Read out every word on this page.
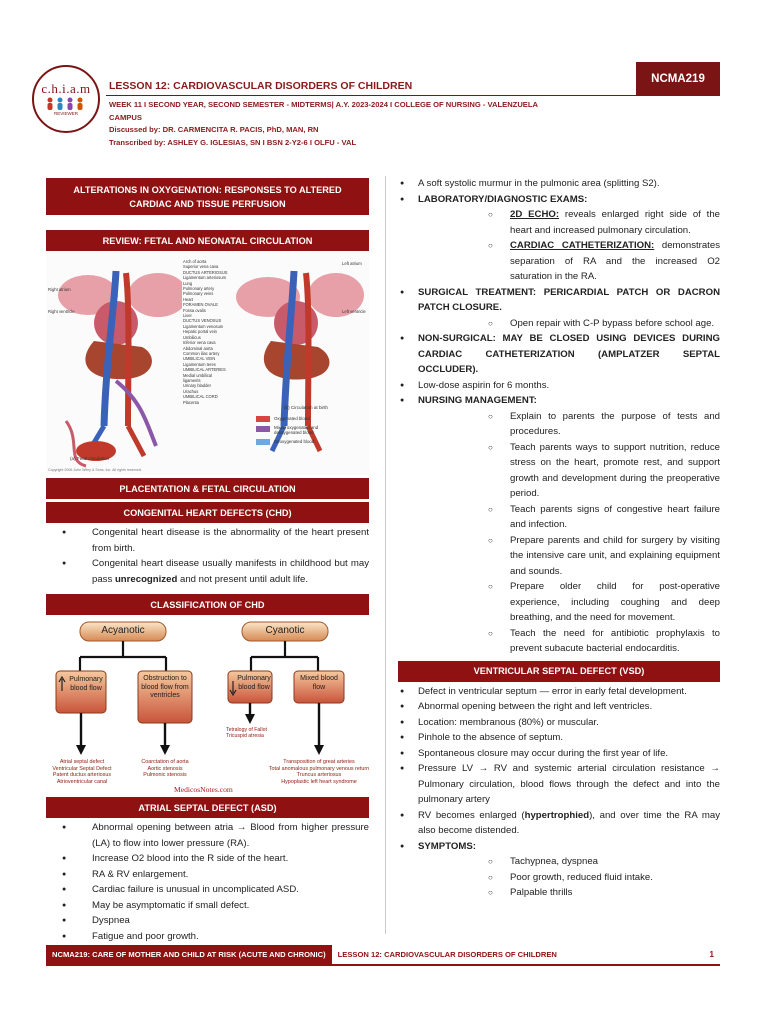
c.h.i.a.m
REVIEWER
NCMA219
LESSON 12: CARDIOVASCULAR DISORDERS OF CHILDREN
WEEK 11 I SECOND YEAR, SECOND SEMESTER - MIDTERMS| A.Y. 2023-2024 I COLLEGE OF NURSING - VALENZUELA
CAMPUS
Discussed by: DR. CARMENCITA R. PACIS, PhD, MAN, RN
Transcribed by: ASHLEY G. IGLESIAS, SN I BSN 2-Y2-6 I OLFU - VAL
ALTERATIONS IN OXYGENATION: RESPONSES TO ALTERED
CARDIAC AND TISSUE PERFUSION
REVIEW: FETAL AND NEONATAL CIRCULATION
Arch of aorta
Superior vena cava
DUCTUS ARTERIOSUS
Ligamentum arteriosum
Lung
Pulmonary artery
Pulmonary veins
Heart
FORAMEN OVALE
Fossa ovalis
Liver
DUCTUS VENOSUS
Ligamentum venosum
Hepatic portal vein
Umbilicus
Inferior vena cava
Abdominal aorta
Common iliac artery
UMBILICAL VEIN
Ligamentum teres
UMBILICAL ARTERIES
Medial umbilical ligaments
Urinary bladder
Urachus
UMBILICAL CORD
Placenta
Right atrium
Right ventricle
Left atrium
Left ventricle
(a) Fetal circulation
(b) Circulation at birth
Oxygenated blood
Mixed oxygenated and deoxygenated blood
Deoxygenated blood
Copyright 2006 John Wiley & Sons, Inc. All rights reserved.
PLACENTATION & FETAL CIRCULATION
CONGENITAL HEART DEFECTS (CHD)
● Congenital heart disease is the abnormality of the heart present from birth.
● Congenital heart disease usually manifests in childhood but may pass unrecognized and not present until adult life.
CLASSIFICATION OF CHD
Acyanotic	Cyanotic
Pulmonary blood flow
Obstruction to blood flow from ventricles
Pulmonary blood flow
Mixed blood flow
Tetralogy of Fallot
Tricuspid atresia
Atrial septal defect
Ventricular Septal Defect
Patent ductus arteriosus
Atrioventricular canal
Coarctation of aorta
Aortic stenosis
Pulmonic stenosis
Transposition of great arteries
Total anomalous pulmonary venous return
Truncus arteriosus
Hypoplastic left heart syndrome
MedicosNotes.com
ATRIAL SEPTAL DEFECT (ASD)
● Abnormal opening between atria → Blood from higher pressure (LA) to flow into lower pressure (RA).
● Increase O2 blood into the R side of the heart.
● RA & RV enlargement.
● Cardiac failure is unusual in uncomplicated ASD.
● May be asymptomatic if small defect.
● Dyspnea
● Fatigue and poor growth.
● A soft systolic murmur in the pulmonic area (splitting S2).
● LABORATORY/DIAGNOSTIC EXAMS:
○ 2D ECHO: reveals enlarged right side of the heart and increased pulmonary circulation.
○ CARDIAC CATHETERIZATION: demonstrates separation of RA and the increased O2 saturation in the RA.
● SURGICAL TREATMENT: PERICARDIAL PATCH OR DACRON PATCH CLOSURE.
○ Open repair with C-P bypass before school age.
● NON-SURGICAL: MAY BE CLOSED USING DEVICES DURING CARDIAC CATHETERIZATION (AMPLATZER SEPTAL OCCLUDER).
● Low-dose aspirin for 6 months.
● NURSING MANAGEMENT:
○ Explain to parents the purpose of tests and procedures.
○ Teach parents ways to support nutrition, reduce stress on the heart, promote rest, and support growth and development during the preoperative period.
○ Teach parents signs of congestive heart failure and infection.
○ Prepare parents and child for surgery by visiting the intensive care unit, and explaining equipment and sounds.
○ Prepare older child for post-operative experience, including coughing and deep breathing, and the need for movement.
○ Teach the need for antibiotic prophylaxis to prevent subacute bacterial endocarditis.
VENTRICULAR SEPTAL DEFECT (VSD)
● Defect in ventricular septum — error in early fetal development.
● Abnormal opening between the right and left ventricles.
● Location: membranous (80%) or muscular.
● Pinhole to the absence of septum.
● Spontaneous closure may occur during the first year of life.
● Pressure LV → RV and systemic arterial circulation resistance → Pulmonary circulation, blood flows through the defect and into the pulmonary artery
● RV becomes enlarged (hypertrophied), and over time the RA may also become distended.
● SYMPTOMS:
○ Tachypnea, dyspnea
○ Poor growth, reduced fluid intake.
○ Palpable thrills
NCMA219: CARE OF MOTHER AND CHILD AT RISK (ACUTE AND CHRONIC)	LESSON 12: CARDIOVASCULAR DISORDERS OF CHILDREN	1
